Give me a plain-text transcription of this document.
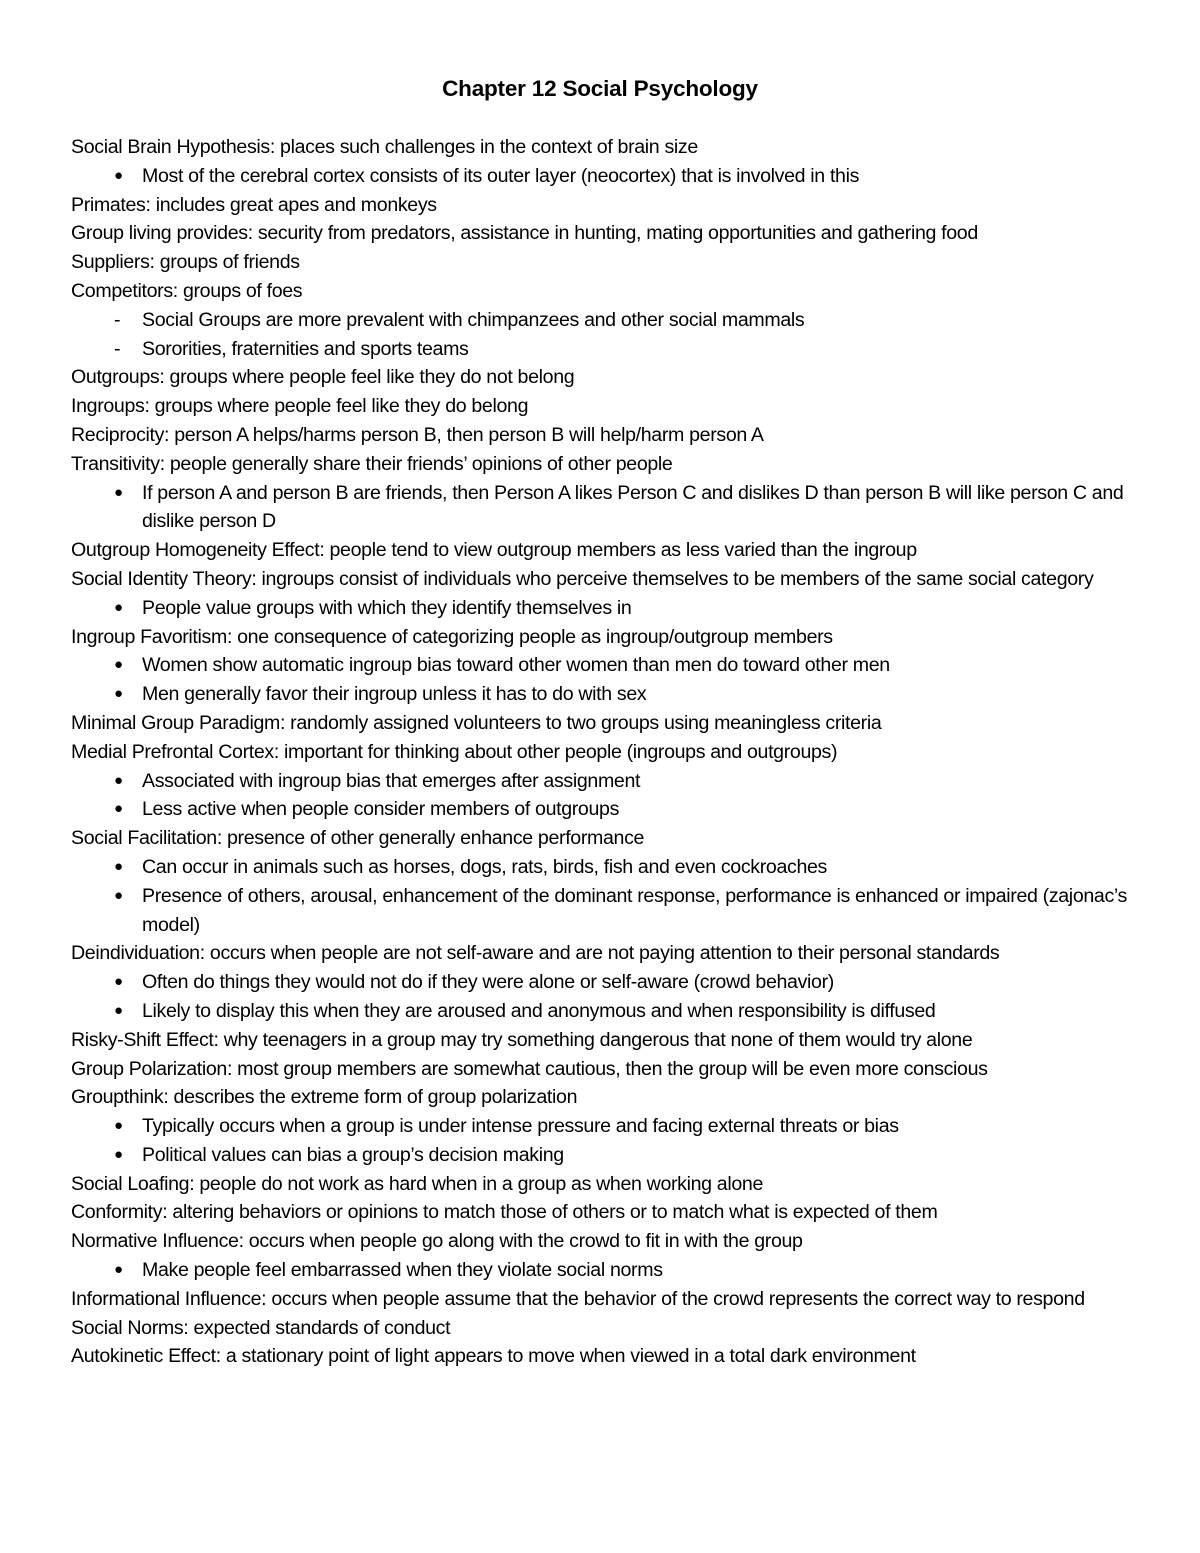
Chapter 12 Social Psychology
Social Brain Hypothesis: places such challenges in the context of brain size
● Most of the cerebral cortex consists of its outer layer (neocortex) that is involved in this
Primates: includes great apes and monkeys
Group living provides: security from predators, assistance in hunting, mating opportunities and gathering food
Suppliers: groups of friends
Competitors: groups of foes
- Social Groups are more prevalent with chimpanzees and other social mammals
- Sororities, fraternities and sports teams
Outgroups: groups where people feel like they do not belong
Ingroups: groups where people feel like they do belong
Reciprocity: person A helps/harms person B, then person B will help/harm person A
Transitivity: people generally share their friends’ opinions of other people
● If person A and person B are friends, then Person A likes Person C and dislikes D than person B will like person C and dislike person D
Outgroup Homogeneity Effect: people tend to view outgroup members as less varied than the ingroup
Social Identity Theory: ingroups consist of individuals who perceive themselves to be members of the same social category
● People value groups with which they identify themselves in
Ingroup Favoritism: one consequence of categorizing people as ingroup/outgroup members
● Women show automatic ingroup bias toward other women than men do toward other men
● Men generally favor their ingroup unless it has to do with sex
Minimal Group Paradigm: randomly assigned volunteers to two groups using meaningless criteria
Medial Prefrontal Cortex: important for thinking about other people (ingroups and outgroups)
● Associated with ingroup bias that emerges after assignment
● Less active when people consider members of outgroups
Social Facilitation: presence of other generally enhance performance
● Can occur in animals such as horses, dogs, rats, birds, fish and even cockroaches
● Presence of others, arousal, enhancement of the dominant response, performance is enhanced or impaired (zajonac’s model)
Deindividuation: occurs when people are not self-aware and are not paying attention to their personal standards
● Often do things they would not do if they were alone or self-aware (crowd behavior)
● Likely to display this when they are aroused and anonymous and when responsibility is diffused
Risky-Shift Effect: why teenagers in a group may try something dangerous that none of them would try alone
Group Polarization: most group members are somewhat cautious, then the group will be even more conscious
Groupthink: describes the extreme form of group polarization
● Typically occurs when a group is under intense pressure and facing external threats or bias
● Political values can bias a group’s decision making
Social Loafing: people do not work as hard when in a group as when working alone
Conformity: altering behaviors or opinions to match those of others or to match what is expected of them
Normative Influence: occurs when people go along with the crowd to fit in with the group
● Make people feel embarrassed when they violate social norms
Informational Influence: occurs when people assume that the behavior of the crowd represents the correct way to respond
Social Norms: expected standards of conduct
Autokinetic Effect: a stationary point of light appears to move when viewed in a total dark environment
